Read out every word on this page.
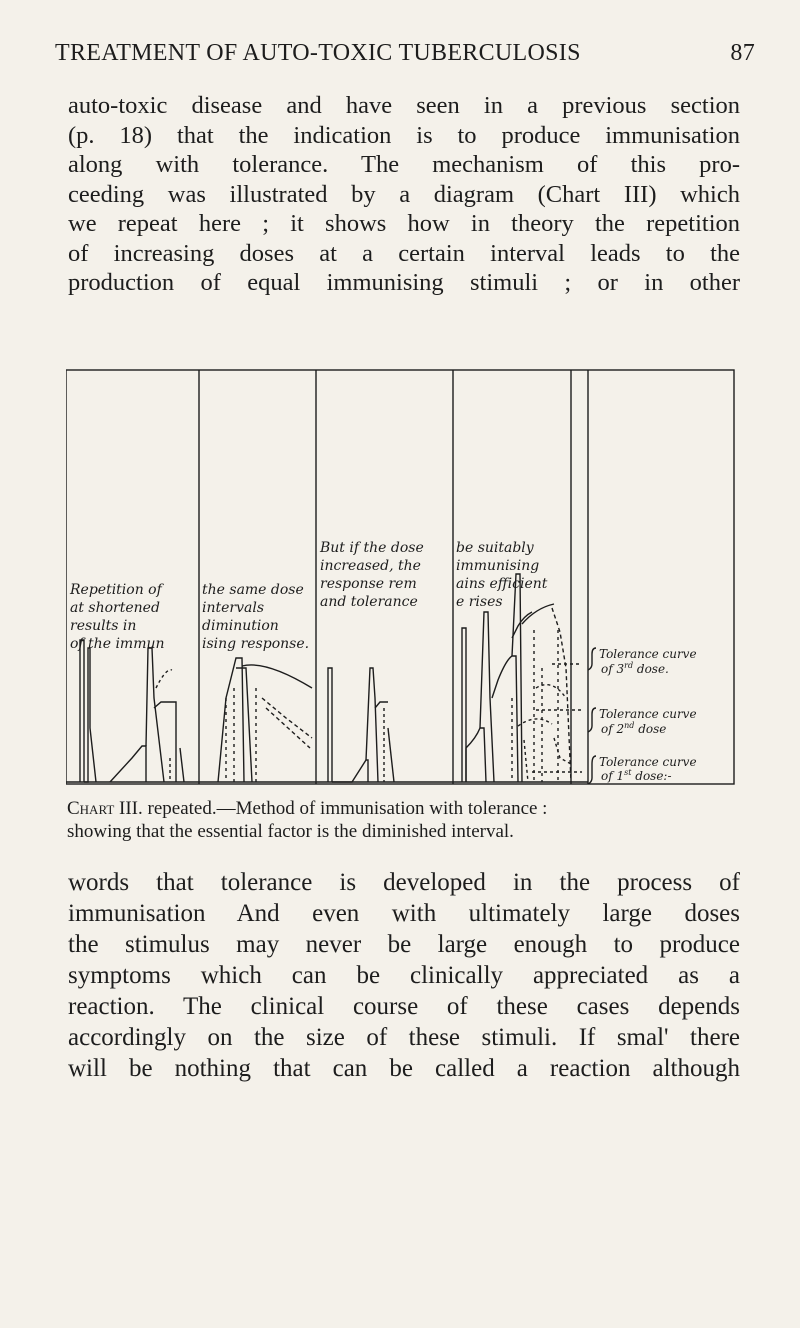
TREATMENT OF AUTO-TOXIC TUBERCULOSIS	87
auto-toxic disease and have seen in a previous section
(p. 18) that the indication is to produce immunisation
along with tolerance. The mechanism of this pro-
ceeding was illustrated by a diagram (Chart III) which
we repeat here ; it shows how in theory the repetition
of increasing doses at a certain interval leads to the
production of equal immunising stimuli ; or in other
Repetition of
at shortened
results in
of the immun
the same dose
intervals
diminution
ising response.
But if the dose
increased, the
response rem
and tolerance
be suitably
immunising
ains efficient
e rises
Tolerance curve
of 3rd dose.
Tolerance curve
of 2nd dose
Tolerance curve
of 1st dose:-
Chart III. repeated.—Method of immunisation with tolerance :
showing that the essential factor is the diminished interval.
words that tolerance is developed in the process of
immunisation And even with ultimately large doses
the stimulus may never be large enough to produce
symptoms which can be clinically appreciated as a
reaction. The clinical course of these cases depends
accordingly on the size of these stimuli. If smal' there
will be nothing that can be called a reaction although
